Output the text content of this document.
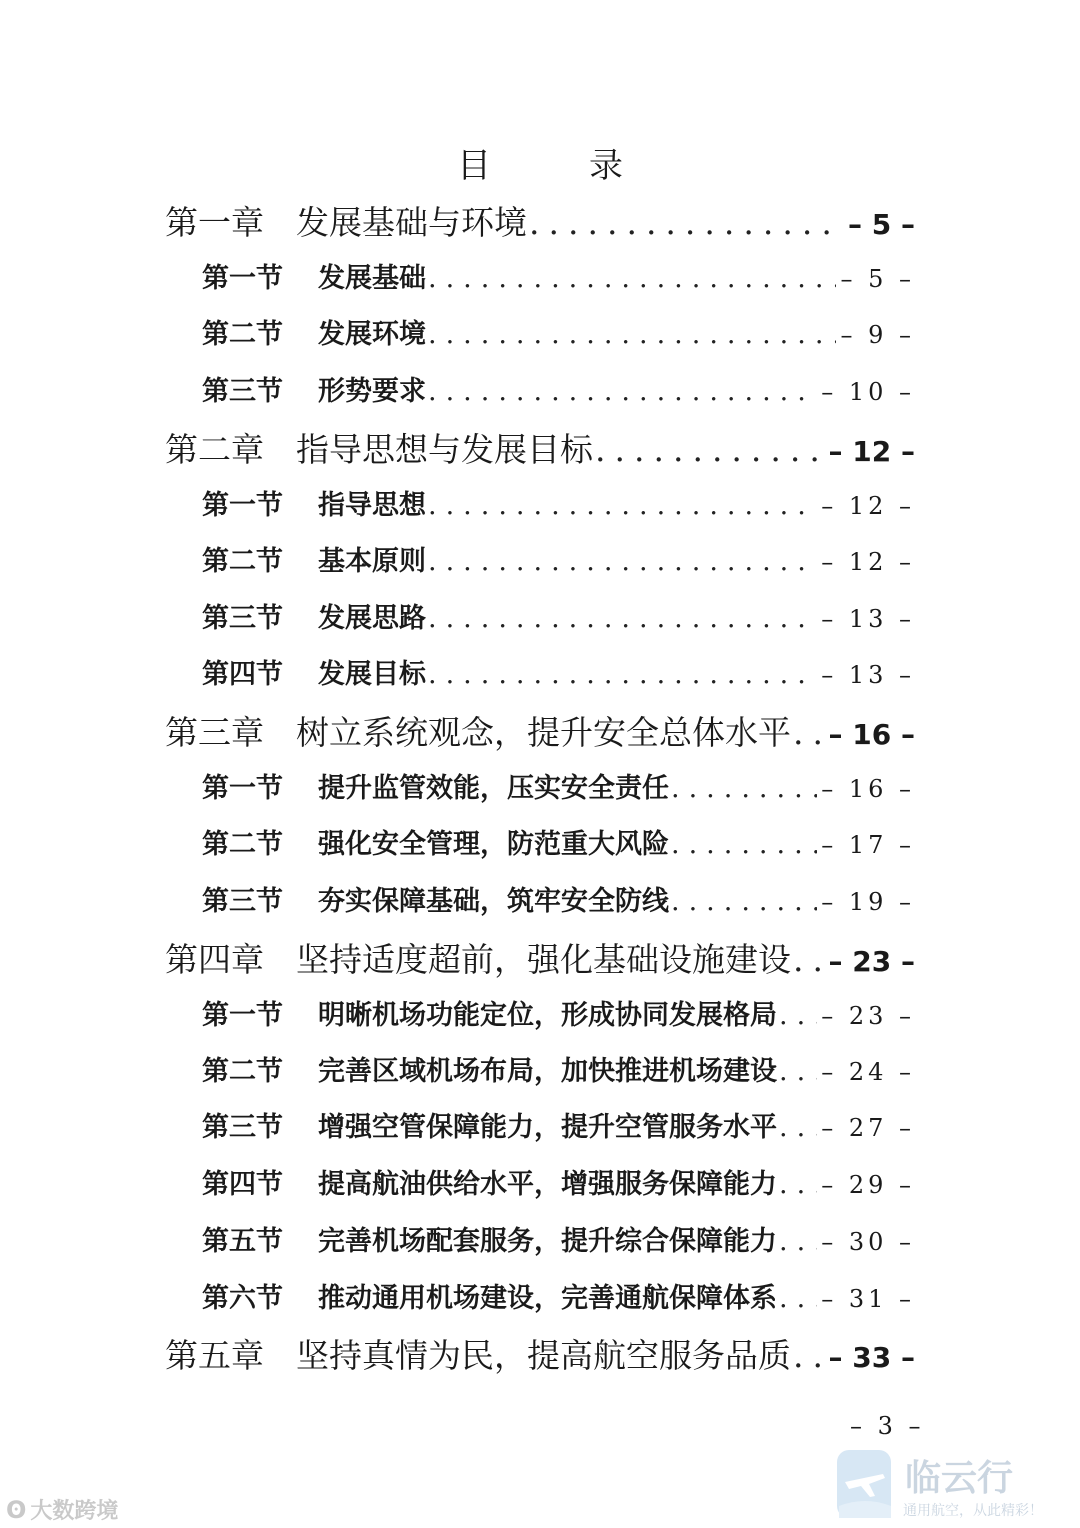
目　录
第一章 发展基础与环境 .....	– 5 –
第一节	发展基础 .....	– 5 –
第二节	发展环境 .....	– 9 –
第三节	形势要求 .....	– 10 –
第二章 指导思想与发展目标 .....	– 12 –
第一节	指导思想 .....	– 12 –
第二节	基本原则 .....	– 12 –
第三节	发展思路 .....	– 13 –
第四节	发展目标 .....	– 13 –
第三章 树立系统观念，提升安全总体水平 ..... – 16 –
第一节	提升监管效能，压实安全责任 .....	– 16 –
第二节	强化安全管理，防范重大风险 .....	– 17 –
第三节	夯实保障基础，筑牢安全防线 .....	– 19 –
第四章 坚持适度超前，强化基础设施建设 ..... – 23 –
第一节	明晰机场功能定位，形成协同发展格局 ..... – 23 –
第二节	完善区域机场布局，加快推进机场建设 ..... – 24 –
第三节	增强空管保障能力，提升空管服务水平 ..... – 27 –
第四节	提高航油供给水平，增强服务保障能力 ..... – 29 –
第五节	完善机场配套服务，提升综合保障能力 ..... – 30 –
第六节	推动通用机场建设，完善通航保障体系 ..... – 31 –
第五章 坚持真情为民，提高航空服务品质 ..... – 33 –
– 3 –
ʘ 大数跨境
临云行
通用航空，从此精彩！
